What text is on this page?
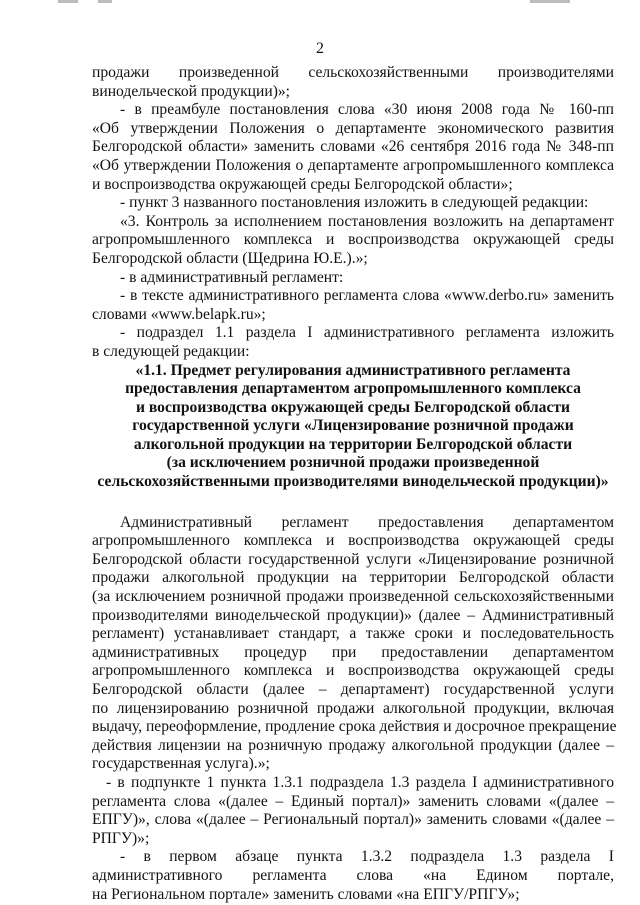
2
продажи произведенной сельскохозяйственными производителями
винодельческой продукции)»;
- в преамбуле постановления слова «30 июня 2008 года № 160-пп
«Об утверждении Положения о департаменте экономического развития
Белгородской области» заменить словами «26 сентября 2016 года № 348-пп
«Об утверждении Положения о департаменте агропромышленного комплекса
и воспроизводства окружающей среды Белгородской области»;
- пункт 3 названного постановления изложить в следующей редакции:
«3. Контроль за исполнением постановления возложить на департамент
агропромышленного комплекса и воспроизводства окружающей среды
Белгородской области (Щедрина Ю.Е.).»;
- в административный регламент:
- в тексте административного регламента слова «www.derbo.ru» заменить
словами «www.belapk.ru»;
- подраздел 1.1 раздела I административного регламента изложить
в следующей редакции:
«1.1. Предмет регулирования административного регламента
предоставления департаментом агропромышленного комплекса
и воспроизводства окружающей среды Белгородской области
государственной услуги «Лицензирование розничной продажи
алкогольной продукции на территории Белгородской области
(за исключением розничной продажи произведенной
сельскохозяйственными производителями винодельческой продукции)»
Административный регламент предоставления департаментом
агропромышленного комплекса и воспроизводства окружающей среды
Белгородской области государственной услуги «Лицензирование розничной
продажи алкогольной продукции на территории Белгородской области
(за исключением розничной продажи произведенной сельскохозяйственными
производителями винодельческой продукции)» (далее – Административный
регламент) устанавливает стандарт, а также сроки и последовательность
административных процедур при предоставлении департаментом
агропромышленного комплекса и воспроизводства окружающей среды
Белгородской области (далее – департамент) государственной услуги
по лицензированию розничной продажи алкогольной продукции, включая
выдачу, переоформление, продление срока действия и досрочное прекращение
действия лицензии на розничную продажу алкогольной продукции (далее –
государственная услуга).»;
- в подпункте 1 пункта 1.3.1 подраздела 1.3 раздела I административного
регламента слова «(далее – Единый портал)» заменить словами «(далее –
ЕПГУ)», слова «(далее – Региональный портал)» заменить словами «(далее –
РПГУ)»;
- в первом абзаце пункта 1.3.2 подраздела 1.3 раздела I
административного регламента слова «на Едином портале,
на Региональном портале» заменить словами «на ЕПГУ/РПГУ»;
